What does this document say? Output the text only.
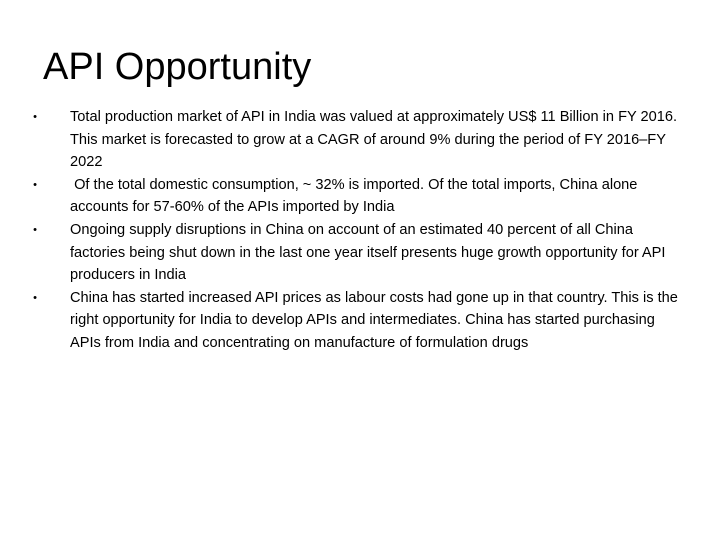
API Opportunity
• Total production market of API in India was valued at approximately US$ 11 Billion in FY 2016. This market is forecasted to grow at a CAGR of around 9% during the period of FY 2016–FY 2022
• Of the total domestic consumption, ~ 32% is imported. Of the total imports, China alone accounts for 57-60% of the APIs imported by India
• Ongoing supply disruptions in China on account of an estimated 40 percent of all China factories being shut down in the last one year itself presents huge growth opportunity for API producers in India
• China has started increased API prices as labour costs had gone up in that country. This is the right opportunity for India to develop APIs and intermediates. China has started purchasing APIs from India and concentrating on manufacture of formulation drugs
